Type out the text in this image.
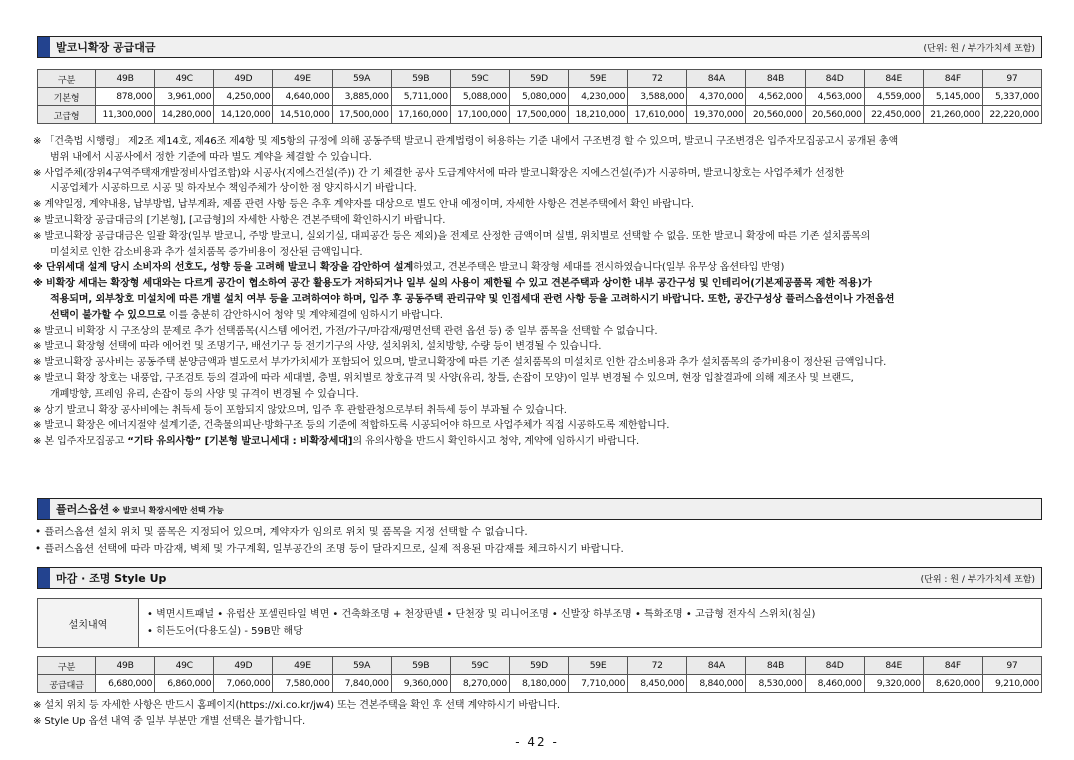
발코니확장 공급대금	(단위: 원 / 부가가치세 포함)
구분	49B	49C	49D	49E	59A	59B	59C	59D	59E	72	84A	84B	84D	84E	84F	97
기본형	878,000	3,961,000	4,250,000	4,640,000	3,885,000	5,711,000	5,088,000	5,080,000	4,230,000	3,588,000	4,370,000	4,562,000	4,563,000	4,559,000	5,145,000	5,337,000
고급형	11,300,000	14,280,000	14,120,000	14,510,000	17,500,000	17,160,000	17,100,000	17,500,000	18,210,000	17,610,000	19,370,000	20,560,000	20,560,000	22,450,000	21,260,000	22,220,000
※ 「건축법 시행령」 제2조 제14호, 제46조 제4항 및 제5항의 규정에 의해 공동주택 발코니 관계법령이 허용하는 기준 내에서 구조변경 할 수 있으며, 발코니 구조변경은 입주자모집공고시 공개된 총액
범위 내에서 시공사에서 정한 기준에 따라 별도 계약을 체결할 수 있습니다.
※ 사업주체(장위4구역주택재개발정비사업조합)와 시공사(지에스건설(주)) 간 기 체결한 공사 도급계약서에 따라 발코니확장은 지에스건설(주)가 시공하며, 발코니창호는 사업주체가 선정한
시공업체가 시공하므로 시공 및 하자보수 책임주체가 상이한 점 양지하시기 바랍니다.
※ 계약일정, 계약내용, 납부방법, 납부계좌, 제품 관련 사항 등은 추후 계약자를 대상으로 별도 안내 예정이며, 자세한 사항은 견본주택에서 확인 바랍니다.
※ 발코니확장 공급대금의 [기본형], [고급형]의 자세한 사항은 견본주택에 확인하시기 바랍니다.
※ 발코니확장 공급대금은 일괄 확장(일부 발코니, 주방 발코니, 실외기실, 대피공간 등은 제외)을 전제로 산정한 금액이며 실별, 위치별로 선택할 수 없음. 또한 발코니 확장에 따른 기존 설치품목의
미설치로 인한 감소비용과 추가 설치품목 증가비용이 정산된 금액입니다.
※ 단위세대 설계 당시 소비자의 선호도, 성향 등을 고려해 발코니 확장을 감안하여 설계하였고, 견본주택은 발코니 확장형 세대를 전시하였습니다(일부 유무상 옵션타입 반영)
※ 비확장 세대는 확장형 세대와는 다르게 공간이 협소하여 공간 활용도가 저하되거나 일부 실의 사용이 제한될 수 있고 견본주택과 상이한 내부 공간구성 및 인테리어(기본제공품목 제한 적용)가
적용되며, 외부창호 미설치에 따른 개별 설치 여부 등을 고려하여야 하며, 입주 후 공동주택 관리규약 및 인접세대 관련 사항 등을 고려하시기 바랍니다. 또한, 공간구성상 플러스옵션이나 가전옵션
선택이 불가할 수 있으므로 이를 충분히 감안하시어 청약 및 계약체결에 임하시기 바랍니다.
※ 발코니 비확장 시 구조상의 문제로 추가 선택품목(시스템 에어컨, 가전/가구/마감재/평면선택 관련 옵션 등) 중 일부 품목을 선택할 수 없습니다.
※ 발코니 확장형 선택에 따라 에어컨 및 조명기구, 배선기구 등 전기기구의 사양, 설치위치, 설치방향, 수량 등이 변경될 수 있습니다.
※ 발코니확장 공사비는 공동주택 분양금액과 별도로서 부가가치세가 포함되어 있으며, 발코니확장에 따른 기존 설치품목의 미설치로 인한 감소비용과 추가 설치품목의 증가비용이 정산된 금액입니다.
※ 발코니 확장 창호는 내풍압, 구조검토 등의 결과에 따라 세대별, 층별, 위치별로 창호규격 및 사양(유리, 창틀, 손잡이 모양)이 일부 변경될 수 있으며, 현장 입찰결과에 의해 제조사 및 브랜드,
개폐방향, 프레임 유리, 손잡이 등의 사양 및 규격이 변경될 수 있습니다.
※ 상기 발코니 확장 공사비에는 취득세 등이 포함되지 않았으며, 입주 후 관할관청으로부터 취득세 등이 부과될 수 있습니다.
※ 발코니 확장은 에너지절약 설계기준, 건축물의피난·방화구조 등의 기준에 적합하도록 시공되어야 하므로 사업주체가 직접 시공하도록 제한합니다.
※ 본 입주자모집공고 “기타 유의사항” [기본형 발코니세대 : 비확장세대]의 유의사항을 반드시 확인하시고 청약, 계약에 임하시기 바랍니다.
플러스옵션 ※ 발코니 확장시에만 선택 가능
• 플러스옵션 설치 위치 및 품목은 지정되어 있으며, 계약자가 임의로 위치 및 품목을 지정 선택할 수 없습니다.
• 플러스옵션 선택에 따라 마감재, 벽체 및 가구계획, 일부공간의 조명 등이 달라지므로, 실제 적용된 마감재를 체크하시기 바랍니다.
마감 · 조명 Style Up	(단위 : 원 / 부가가치세 포함)
설치내역
• 벽면시트패널 • 유럽산 포셀린타일 벽면 • 건축화조명 + 천장판넬 • 단천장 및 리니어조명 • 신발장 하부조명 • 특화조명 • 고급형 전자식 스위치(침실)
• 히든도어(다용도실) - 59B만 해당
구분	49B	49C	49D	49E	59A	59B	59C	59D	59E	72	84A	84B	84D	84E	84F	97
공급대금	6,680,000	6,860,000	7,060,000	7,580,000	7,840,000	9,360,000	8,270,000	8,180,000	7,710,000	8,450,000	8,840,000	8,530,000	8,460,000	9,320,000	8,620,000	9,210,000
※ 설치 위치 등 자세한 사항은 반드시 홈페이지(https://xi.co.kr/jw4) 또는 견본주택을 확인 후 선택 계약하시기 바랍니다.
※ Style Up 옵션 내역 중 일부 부분만 개별 선택은 불가합니다.
- 42 -
